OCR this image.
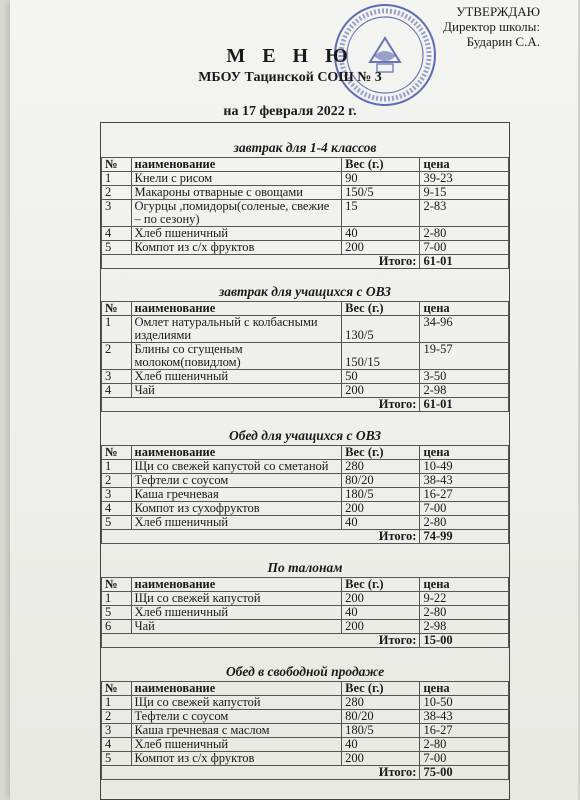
УТВЕРЖДАЮ
Директор школы:
Бударин С.А.
М Е Н Ю
МБОУ Тацинской СОШ № 3
на 17 февраля 2022 г.
завтрак для 1-4 классов
№	наименование	Вес (г.)	цена
1	Кнели с рисом	90	39-23
2	Макароны отварные с овощами	150/5	9-15
3	Огурцы ,помидоры(соленые, свежие – по сезону)	15	2-83
4	Хлеб пшеничный	40	2-80
5	Компот из с/х фруктов	200	7-00
Итого:			61-01
завтрак для учащихся с ОВЗ
№	наименование	Вес (г.)	цена
1	Омлет натуральный с колбасными изделиями	130/5	34-96
2	Блины со сгущеным молоком(повидлом)	150/15	19-57
3	Хлеб пшеничный	50	3-50
4	Чай	200	2-98
Итого:			61-01
Обед для учащихся с ОВЗ
№	наименование	Вес (г.)	цена
1	Щи со свежей капустой со сметаной	280	10-49
2	Тефтели с соусом	80/20	38-43
3	Каша гречневая	180/5	16-27
4	Компот из сухофруктов	200	7-00
5	Хлеб пшеничный	40	2-80
Итого:			74-99
По талонам
№	наименование	Вес (г.)	цена
1	Щи со свежей капустой	200	9-22
5	Хлеб пшеничный	40	2-80
6	Чай	200	2-98
Итого:			15-00
Обед в свободной продаже
№	наименование	Вес (г.)	цена
1	Щи со свежей капустой	280	10-50
2	Тефтели с соусом	80/20	38-43
3	Каша гречневая с маслом	180/5	16-27
4	Хлеб пшеничный	40	2-80
5	Компот из с/х фруктов	200	7-00
Итого:			75-00
